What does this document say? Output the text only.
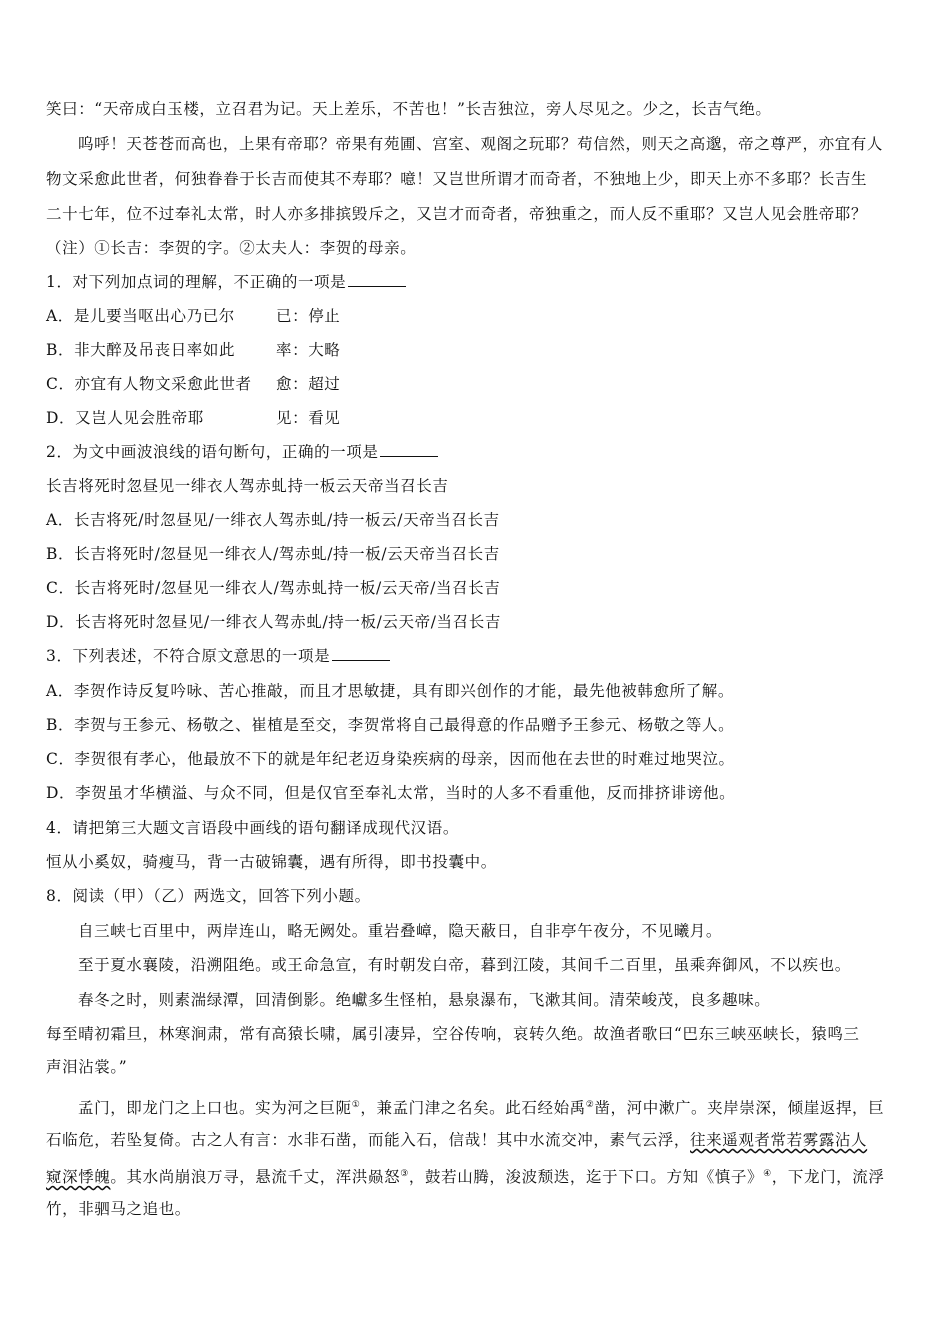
笑曰：“天帝成白玉楼，立召君为记。天上差乐，不苦也！”长吉独泣，旁人尽见之。少之，长吉气绝。
呜呼！天苍苍而高也，上果有帝耶？帝果有苑圃、宫室、观阁之玩耶？苟信然，则天之高邈，帝之尊严，亦宜有人
物文采愈此世者，何独眷眷于长吉而使其不寿耶？噫！又岂世所谓才而奇者，不独地上少，即天上亦不多耶？长吉生
二十七年，位不过奉礼太常，时人亦多排摈毁斥之，又岂才而奇者，帝独重之，而人反不重耶？又岂人见会胜帝耶？
（注）①长吉：李贺的字。②太夫人：李贺的母亲。
1．对下列加点词的理解，不正确的一项是
A．是儿要当呕出心乃已尔	已：停止
B．非大醉及吊丧日率如此	率：大略
C．亦宜有人物文采愈此世者 愈：超过
D．又岂人见会胜帝耶	见：看见
2．为文中画波浪线的语句断句，正确的一项是
长吉将死时忽昼见一绯衣人驾赤虬持一板云天帝当召长吉
A．长吉将死/时忽昼见/一绯衣人驾赤虬/持一板云/天帝当召长吉
B．长吉将死时/忽昼见一绯衣人/驾赤虬/持一板/云天帝当召长吉
C．长吉将死时/忽昼见一绯衣人/驾赤虬持一板/云天帝/当召长吉
D．长吉将死时忽昼见/一绯衣人驾赤虬/持一板/云天帝/当召长吉
3．下列表述，不符合原文意思的一项是
A．李贺作诗反复吟咏、苦心推敲，而且才思敏捷，具有即兴创作的才能，最先他被韩愈所了解。
B．李贺与王参元、杨敬之、崔植是至交，李贺常将自己最得意的作品赠予王参元、杨敬之等人。
C．李贺很有孝心，他最放不下的就是年纪老迈身染疾病的母亲，因而他在去世的时难过地哭泣。
D．李贺虽才华横溢、与众不同，但是仅官至奉礼太常，当时的人多不看重他，反而排挤诽谤他。
4．请把第三大题文言语段中画线的语句翻译成现代汉语。
恒从小奚奴，骑瘦马，背一古破锦囊，遇有所得，即书投囊中。
8．阅读（甲）（乙）两选文，回答下列小题。
自三峡七百里中，两岸连山，略无阙处。重岩叠嶂，隐天蔽日，自非亭午夜分，不见曦月。
至于夏水襄陵，沿溯阻绝。或王命急宣，有时朝发白帝，暮到江陵，其间千二百里，虽乘奔御风，不以疾也。
春冬之时，则素湍绿潭，回清倒影。绝巘多生怪柏，悬泉瀑布，飞漱其间。清荣峻茂，良多趣味。
每至晴初霜旦，林寒涧肃，常有高猿长啸，属引凄异，空谷传响，哀转久绝。故渔者歌曰“巴东三峡巫峡长，猿鸣三
声泪沾裳。”
孟门，即龙门之上口也。实为河之巨阨①，兼孟门津之名矣。此石经始禹②凿，河中漱广。夹岸崇深，倾崖返捍，巨
石临危，若坠复倚。古之人有言：水非石凿，而能入石，信哉！其中水流交冲，素气云浮，往来遥观者常若雾露沾人
窥深悸魄。其水尚崩浪万寻，悬流千丈，浑洪赑怒③，鼓若山腾，浚波颓迭，迄于下口。方知《慎子》④，下龙门，流浮
竹，非驷马之追也。
